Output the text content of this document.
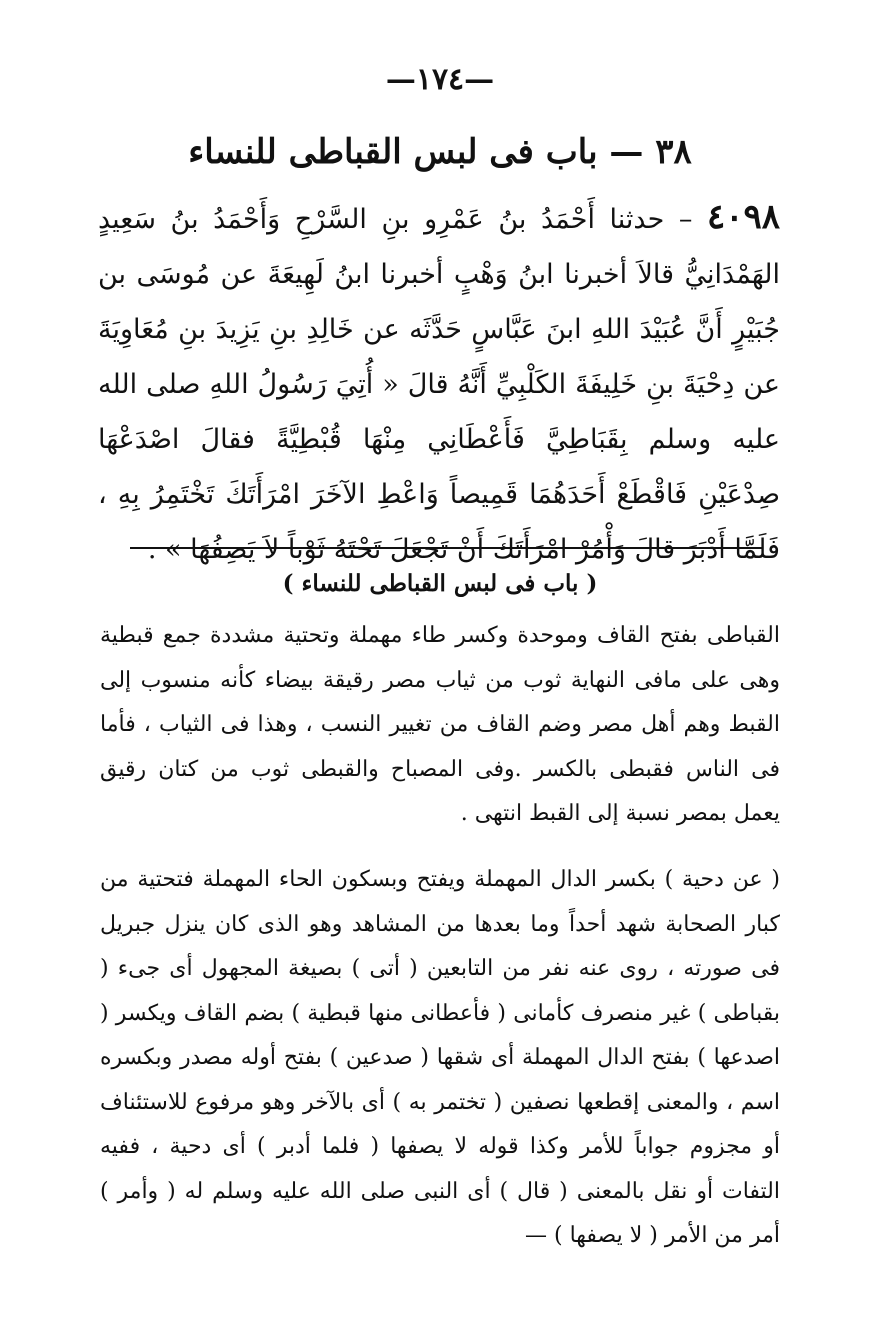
—١٧٤—
٣٨ — باب فى لبس القباطى للنساء

٤٠٩٨ – حدثنا أَحْمَدُ بنُ عَمْرِو بنِ السَّرْحِ وَأَحْمَدُ بنُ سَعِيدٍ الهَمْدَانِيُّ قالاَ أخبرنا ابنُ وَهْبٍ أخبرنا ابنُ لَهِيعَةَ عن مُوسَى بن جُبَيْرٍ أَنَّ عُبَيْدَ اللهِ ابنَ عَبَّاسٍ حَدَّثَه عن خَالِدِ بنِ يَزِيدَ بنِ مُعَاوِيَةَ عن دِحْيَةَ بنِ خَلِيفَةَ الكَلْبِيِّ أَنَّهُ قالَ « أُتِيَ رَسُولُ اللهِ صلى الله عليه وسلم بِقَبَاطِيَّ فَأَعْطَانِي مِنْهَا قُبْطِيَّةً فقالَ اصْدَعْهَا صِدْعَيْنِ فَاقْطَعْ أَحَدَهُمَا قَمِيصاً وَاعْطِ الآخَرَ امْرَأَتَكَ تَخْتَمِرُ بِهِ ، فَلَمَّا أَدْبَرَ قالَ وَأْمُرْ امْرَأَتَكَ أَنْ تَجْعَلَ تَحْتَهُ ثَوْباً لاَ يَصِفُهَا » .

( باب فى لبس القباطى للنساء )

القباطى بفتح القاف وموحدة وكسر طاء مهملة وتحتية مشددة جمع قبطية وهى على مافى النهاية ثوب من ثياب مصر رقيقة بيضاء كأنه منسوب إلى القبط وهم أهل مصر وضم القاف من تغيير النسب ، وهذا فى الثياب ، فأما فى الناس فقبطى بالكسر .وفى المصباح والقبطى ثوب من كتان رقيق يعمل بمصر نسبة إلى القبط انتهى .

( عن دحية ) بكسر الدال المهملة ويفتح وبسكون الحاء المهملة فتحتية من كبار الصحابة شهد أحداً وما بعدها من المشاهد وهو الذى كان ينزل جبريل فى صورته ، روى عنه نفر من التابعين ( أتى ) بصيغة المجهول أى جىء ( بقباطى ) غير منصرف كأمانى ( فأعطانى منها قبطية ) بضم القاف ويكسر ( اصدعها ) بفتح الدال المهملة أى شقها ( صدعين ) بفتح أوله مصدر وبكسره اسم ، والمعنى إقطعها نصفين ( تختمر به ) أى بالآخر وهو مرفوع للاستئناف أو مجزوم جواباً للأمر وكذا قوله لا يصفها ( فلما أدبر ) أى دحية ، ففيه التفات أو نقل بالمعنى ( قال ) أى النبى صلى الله عليه وسلم له ( وأمر ) أمر من الأمر ( لا يصفها ) —
